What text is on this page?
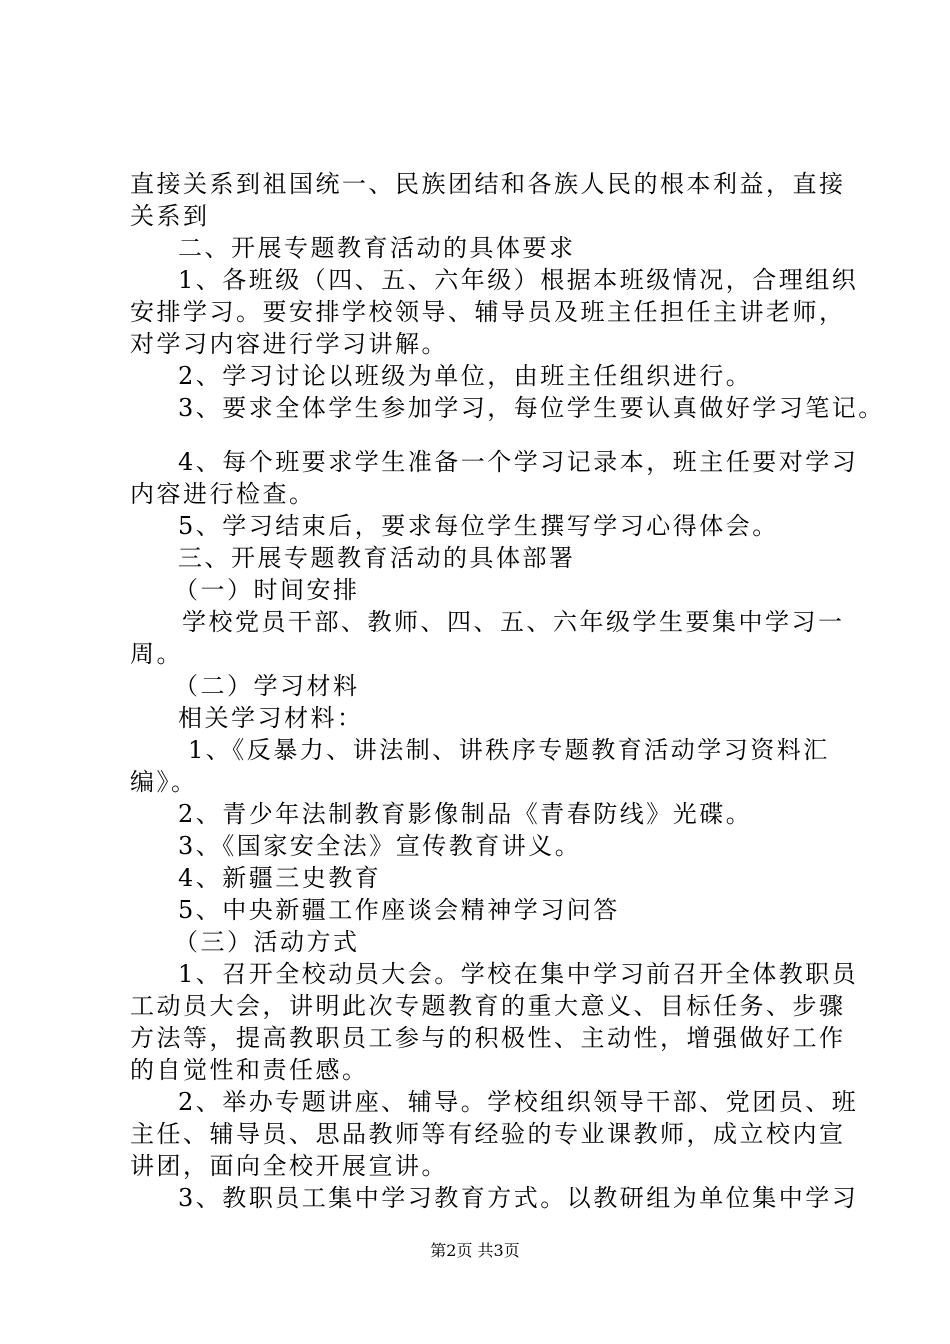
直接关系到祖国统一、民族团结和各族人民的根本利益，直接
关系到
二、开展专题教育活动的具体要求
1、各班级（四、五、六年级）根据本班级情况，合理组织
安排学习。要安排学校领导、辅导员及班主任担任主讲老师，
对学习内容进行学习讲解。
2、学习讨论以班级为单位，由班主任组织进行。
3、要求全体学生参加学习，每位学生要认真做好学习笔记。
4、每个班要求学生准备一个学习记录本，班主任要对学习
内容进行检查。
5、学习结束后，要求每位学生撰写学习心得体会。
三、开展专题教育活动的具体部署
（一）时间安排
学校党员干部、教师、四、五、六年级学生要集中学习一
周。
（二）学习材料
相关学习材料：
1、《反暴力、讲法制、讲秩序专题教育活动学习资料汇
编》。
2、青少年法制教育影像制品《青春防线》光碟。
3、《国家安全法》宣传教育讲义。
4、新疆三史教育
5、中央新疆工作座谈会精神学习问答
（三）活动方式
1、召开全校动员大会。学校在集中学习前召开全体教职员
工动员大会，讲明此次专题教育的重大意义、目标任务、步骤
方法等，提高教职员工参与的积极性、主动性，增强做好工作
的自觉性和责任感。
2、举办专题讲座、辅导。学校组织领导干部、党团员、班
主任、辅导员、思品教师等有经验的专业课教师，成立校内宣
讲团，面向全校开展宣讲。
3、教职员工集中学习教育方式。以教研组为单位集中学习
第2页 共3页
